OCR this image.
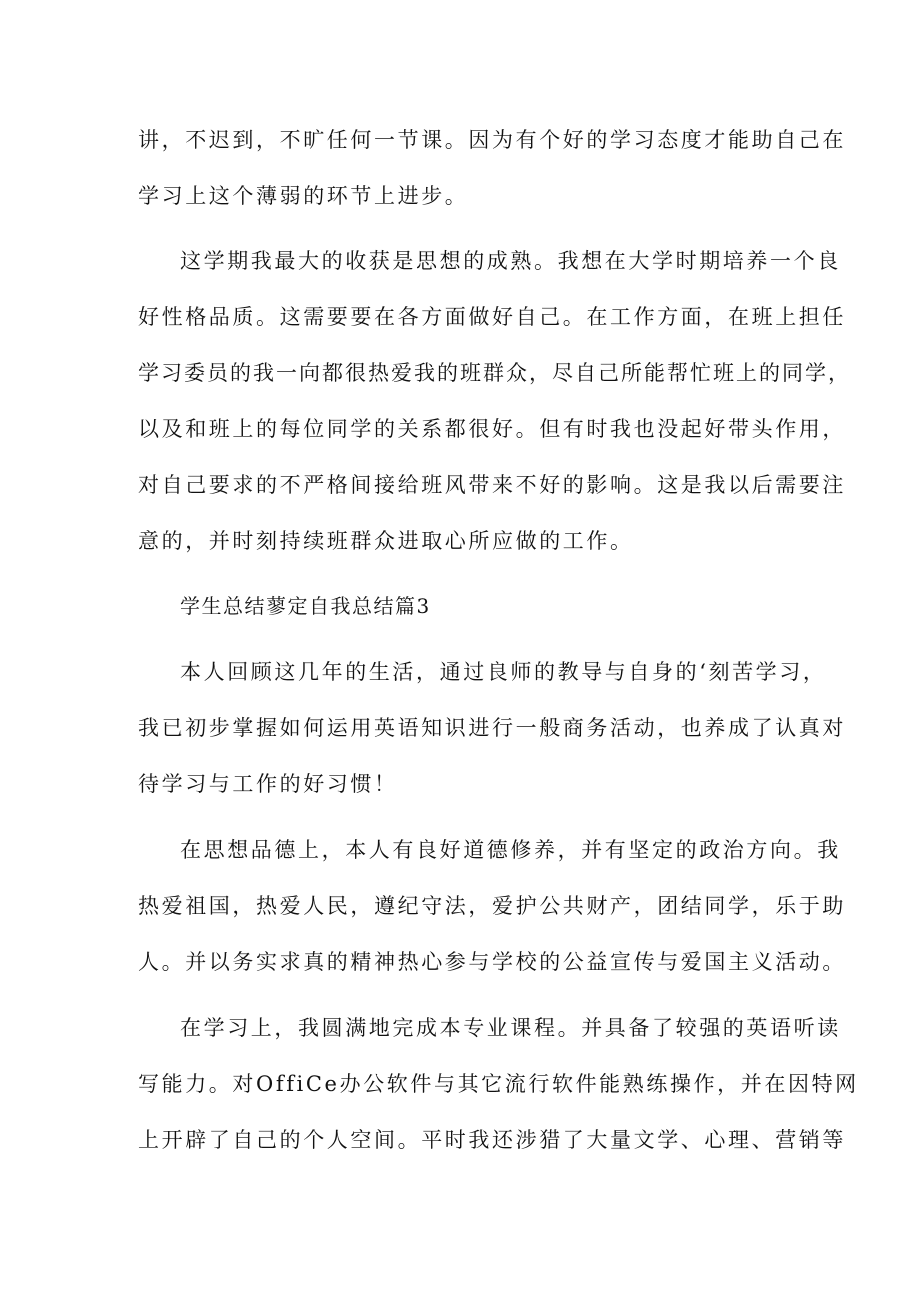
讲，不迟到，不旷任何一节课。因为有个好的学习态度才能助自己在
学习上这个薄弱的环节上进步。
这学期我最大的收获是思想的成熟。我想在大学时期培养一个良
好性格品质。这需要要在各方面做好自己。在工作方面，在班上担任
学习委员的我一向都很热爱我的班群众，尽自己所能帮忙班上的同学，
以及和班上的每位同学的关系都很好。但有时我也没起好带头作用，
对自己要求的不严格间接给班风带来不好的影响。这是我以后需要注
意的，并时刻持续班群众进取心所应做的工作。
学生总结蓼定自我总结篇3
本人回顾这几年的生活，通过良师的教导与自身的‘刻苦学习，
我已初步掌握如何运用英语知识进行一般商务活动，也养成了认真对
待学习与工作的好习惯！
在思想品德上，本人有良好道德修养，并有坚定的政治方向。我
热爱祖国，热爱人民，遵纪守法，爱护公共财产，团结同学，乐于助
人。并以务实求真的精神热心参与学校的公益宣传与爱国主义活动。
在学习上，我圆满地完成本专业课程。并具备了较强的英语听读
写能力。对OffiCe办公软件与其它流行软件能熟练操作，并在因特网
上开辟了自己的个人空间。平时我还涉猎了大量文学、心理、营销等
